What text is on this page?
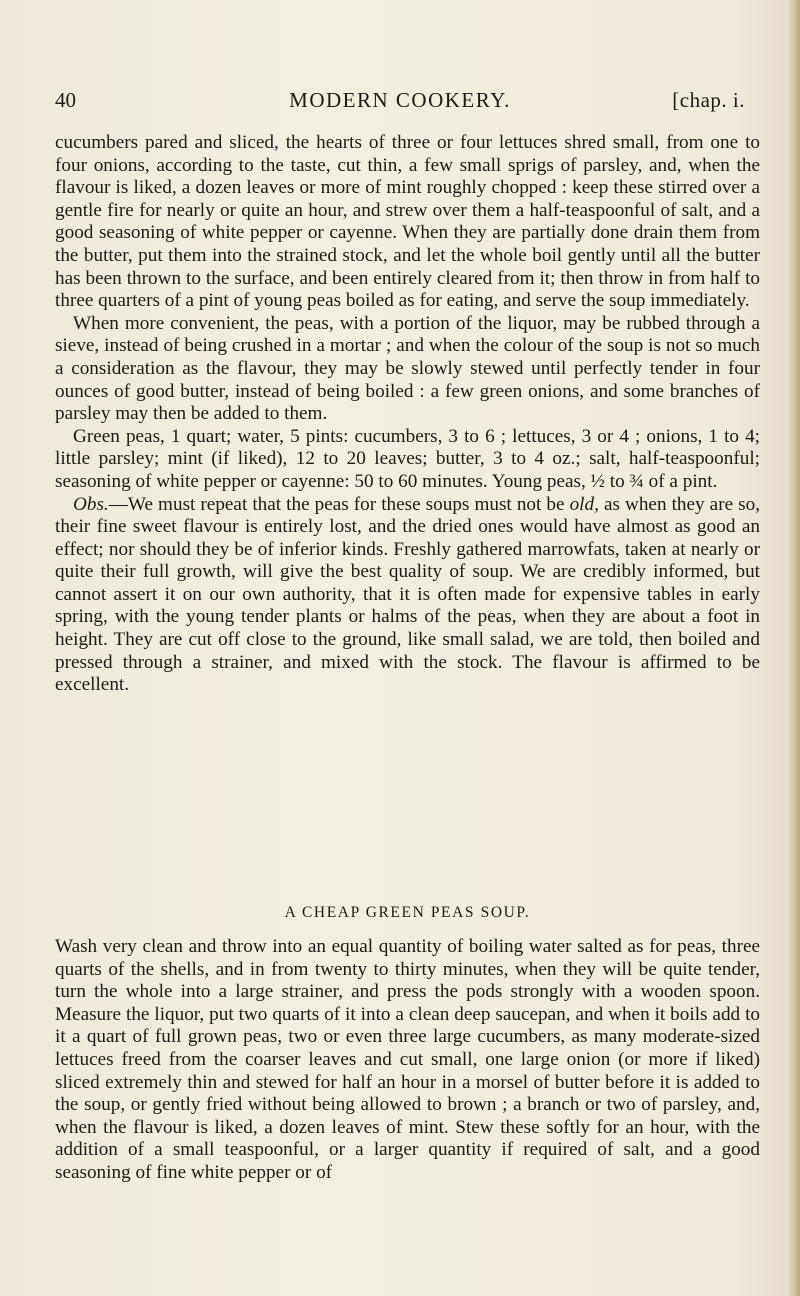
40	MODERN COOKERY.	[chap. i.

cucumbers pared and sliced, the hearts of three or four lettuces shred small, from one to four onions, according to the taste, cut thin, a few small sprigs of parsley, and, when the flavour is liked, a dozen leaves or more of mint roughly chopped : keep these stirred over a gentle fire for nearly or quite an hour, and strew over them a half-teaspoonful of salt, and a good seasoning of white pepper or cayenne. When they are partially done drain them from the butter, put them into the strained stock, and let the whole boil gently until all the butter has been thrown to the surface, and been entirely cleared from it; then throw in from half to three quarters of a pint of young peas boiled as for eating, and serve the soup immediately.

When more convenient, the peas, with a portion of the liquor, may be rubbed through a sieve, instead of being crushed in a mortar ; and when the colour of the soup is not so much a consideration as the flavour, they may be slowly stewed until perfectly tender in four ounces of good butter, instead of being boiled : a few green onions, and some branches of parsley may then be added to them.

Green peas, 1 quart; water, 5 pints: cucumbers, 3 to 6 ; lettuces, 3 or 4 ; onions, 1 to 4; little parsley; mint (if liked), 12 to 20 leaves; butter, 3 to 4 oz.; salt, half-teaspoonful; seasoning of white pepper or cayenne: 50 to 60 minutes. Young peas, ½ to ¾ of a pint.

Obs.—We must repeat that the peas for these soups must not be old, as when they are so, their fine sweet flavour is entirely lost, and the dried ones would have almost as good an effect; nor should they be of inferior kinds. Freshly gathered marrowfats, taken at nearly or quite their full growth, will give the best quality of soup. We are credibly informed, but cannot assert it on our own authority, that it is often made for expensive tables in early spring, with the young tender plants or halms of the peas, when they are about a foot in height. They are cut off close to the ground, like small salad, we are told, then boiled and pressed through a strainer, and mixed with the stock. The flavour is affirmed to be excellent.

A CHEAP GREEN PEAS SOUP.

Wash very clean and throw into an equal quantity of boiling water salted as for peas, three quarts of the shells, and in from twenty to thirty minutes, when they will be quite tender, turn the whole into a large strainer, and press the pods strongly with a wooden spoon. Measure the liquor, put two quarts of it into a clean deep saucepan, and when it boils add to it a quart of full grown peas, two or even three large cucumbers, as many moderate-sized lettuces freed from the coarser leaves and cut small, one large onion (or more if liked) sliced extremely thin and stewed for half an hour in a morsel of butter before it is added to the soup, or gently fried without being allowed to brown ; a branch or two of parsley, and, when the flavour is liked, a dozen leaves of mint. Stew these softly for an hour, with the addition of a small teaspoonful, or a larger quantity if required of salt, and a good seasoning of fine white pepper or of
